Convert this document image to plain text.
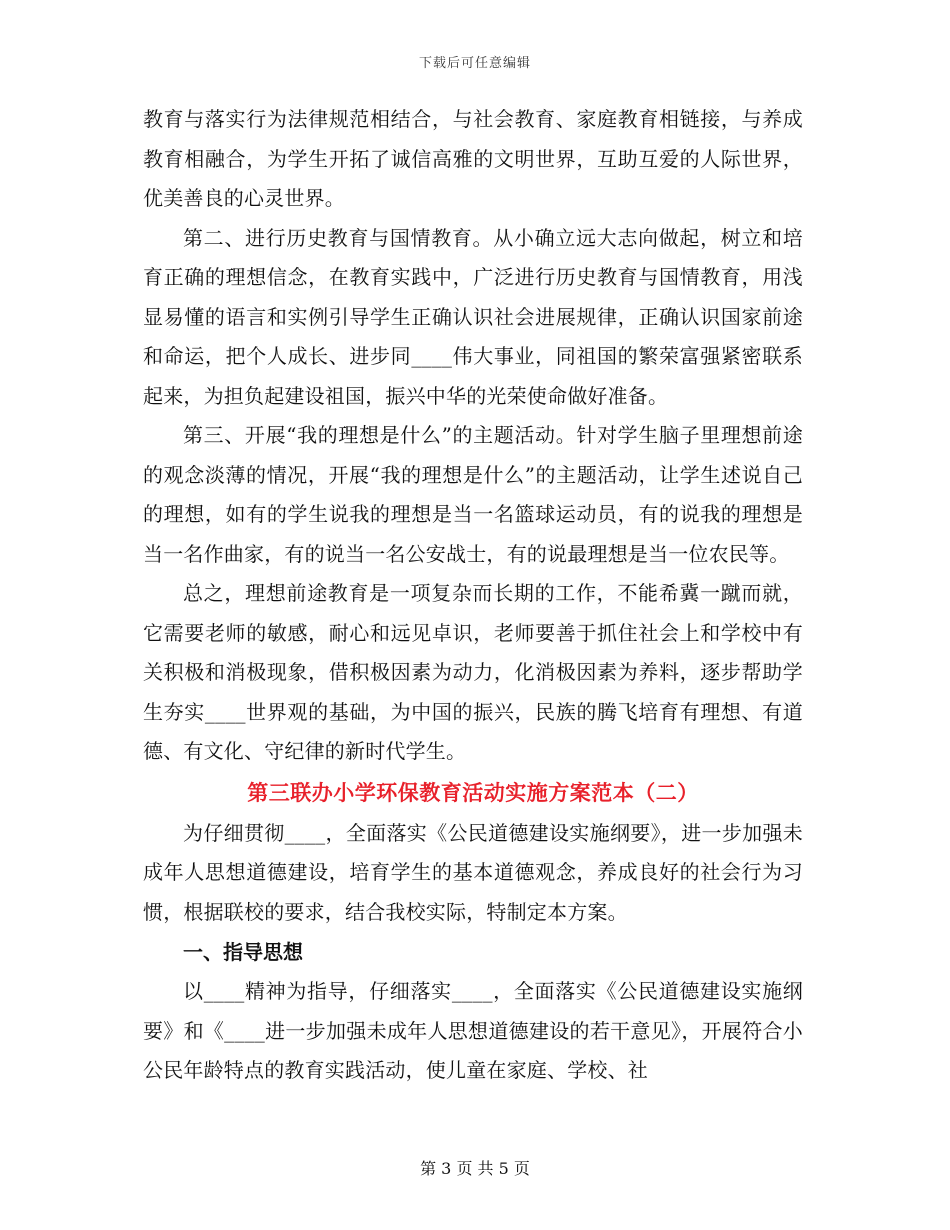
下载后可任意编辑

教育与落实行为法律规范相结合，与社会教育、家庭教育相链接，与养成教育相融合，为学生开拓了诚信高雅的文明世界，互助互爱的人际世界，优美善良的心灵世界。

第二、进行历史教育与国情教育。从小确立远大志向做起，树立和培育正确的理想信念，在教育实践中，广泛进行历史教育与国情教育，用浅显易懂的语言和实例引导学生正确认识社会进展规律，正确认识国家前途和命运，把个人成长、进步同____伟大事业，同祖国的繁荣富强紧密联系起来，为担负起建设祖国，振兴中华的光荣使命做好准备。

第三、开展“我的理想是什么”的主题活动。针对学生脑子里理想前途的观念淡薄的情况，开展“我的理想是什么”的主题活动，让学生述说自己的理想，如有的学生说我的理想是当一名篮球运动员，有的说我的理想是当一名作曲家，有的说当一名公安战士，有的说最理想是当一位农民等。

总之，理想前途教育是一项复杂而长期的工作，不能希冀一蹴而就，它需要老师的敏感，耐心和远见卓识，老师要善于抓住社会上和学校中有关积极和消极现象，借积极因素为动力，化消极因素为养料，逐步帮助学生夯实____世界观的基础，为中国的振兴，民族的腾飞培育有理想、有道德、有文化、守纪律的新时代学生。

第三联办小学环保教育活动实施方案范本（二）

为仔细贯彻____，全面落实《公民道德建设实施纲要》，进一步加强未成年人思想道德建设，培育学生的基本道德观念，养成良好的社会行为习惯，根据联校的要求，结合我校实际，特制定本方案。

一、指导思想

以____精神为指导，仔细落实____，全面落实《公民道德建设实施纲要》和《____进一步加强未成年人思想道德建设的若干意见》，开展符合小公民年龄特点的教育实践活动，使儿童在家庭、学校、社

第 3 页 共 5 页
